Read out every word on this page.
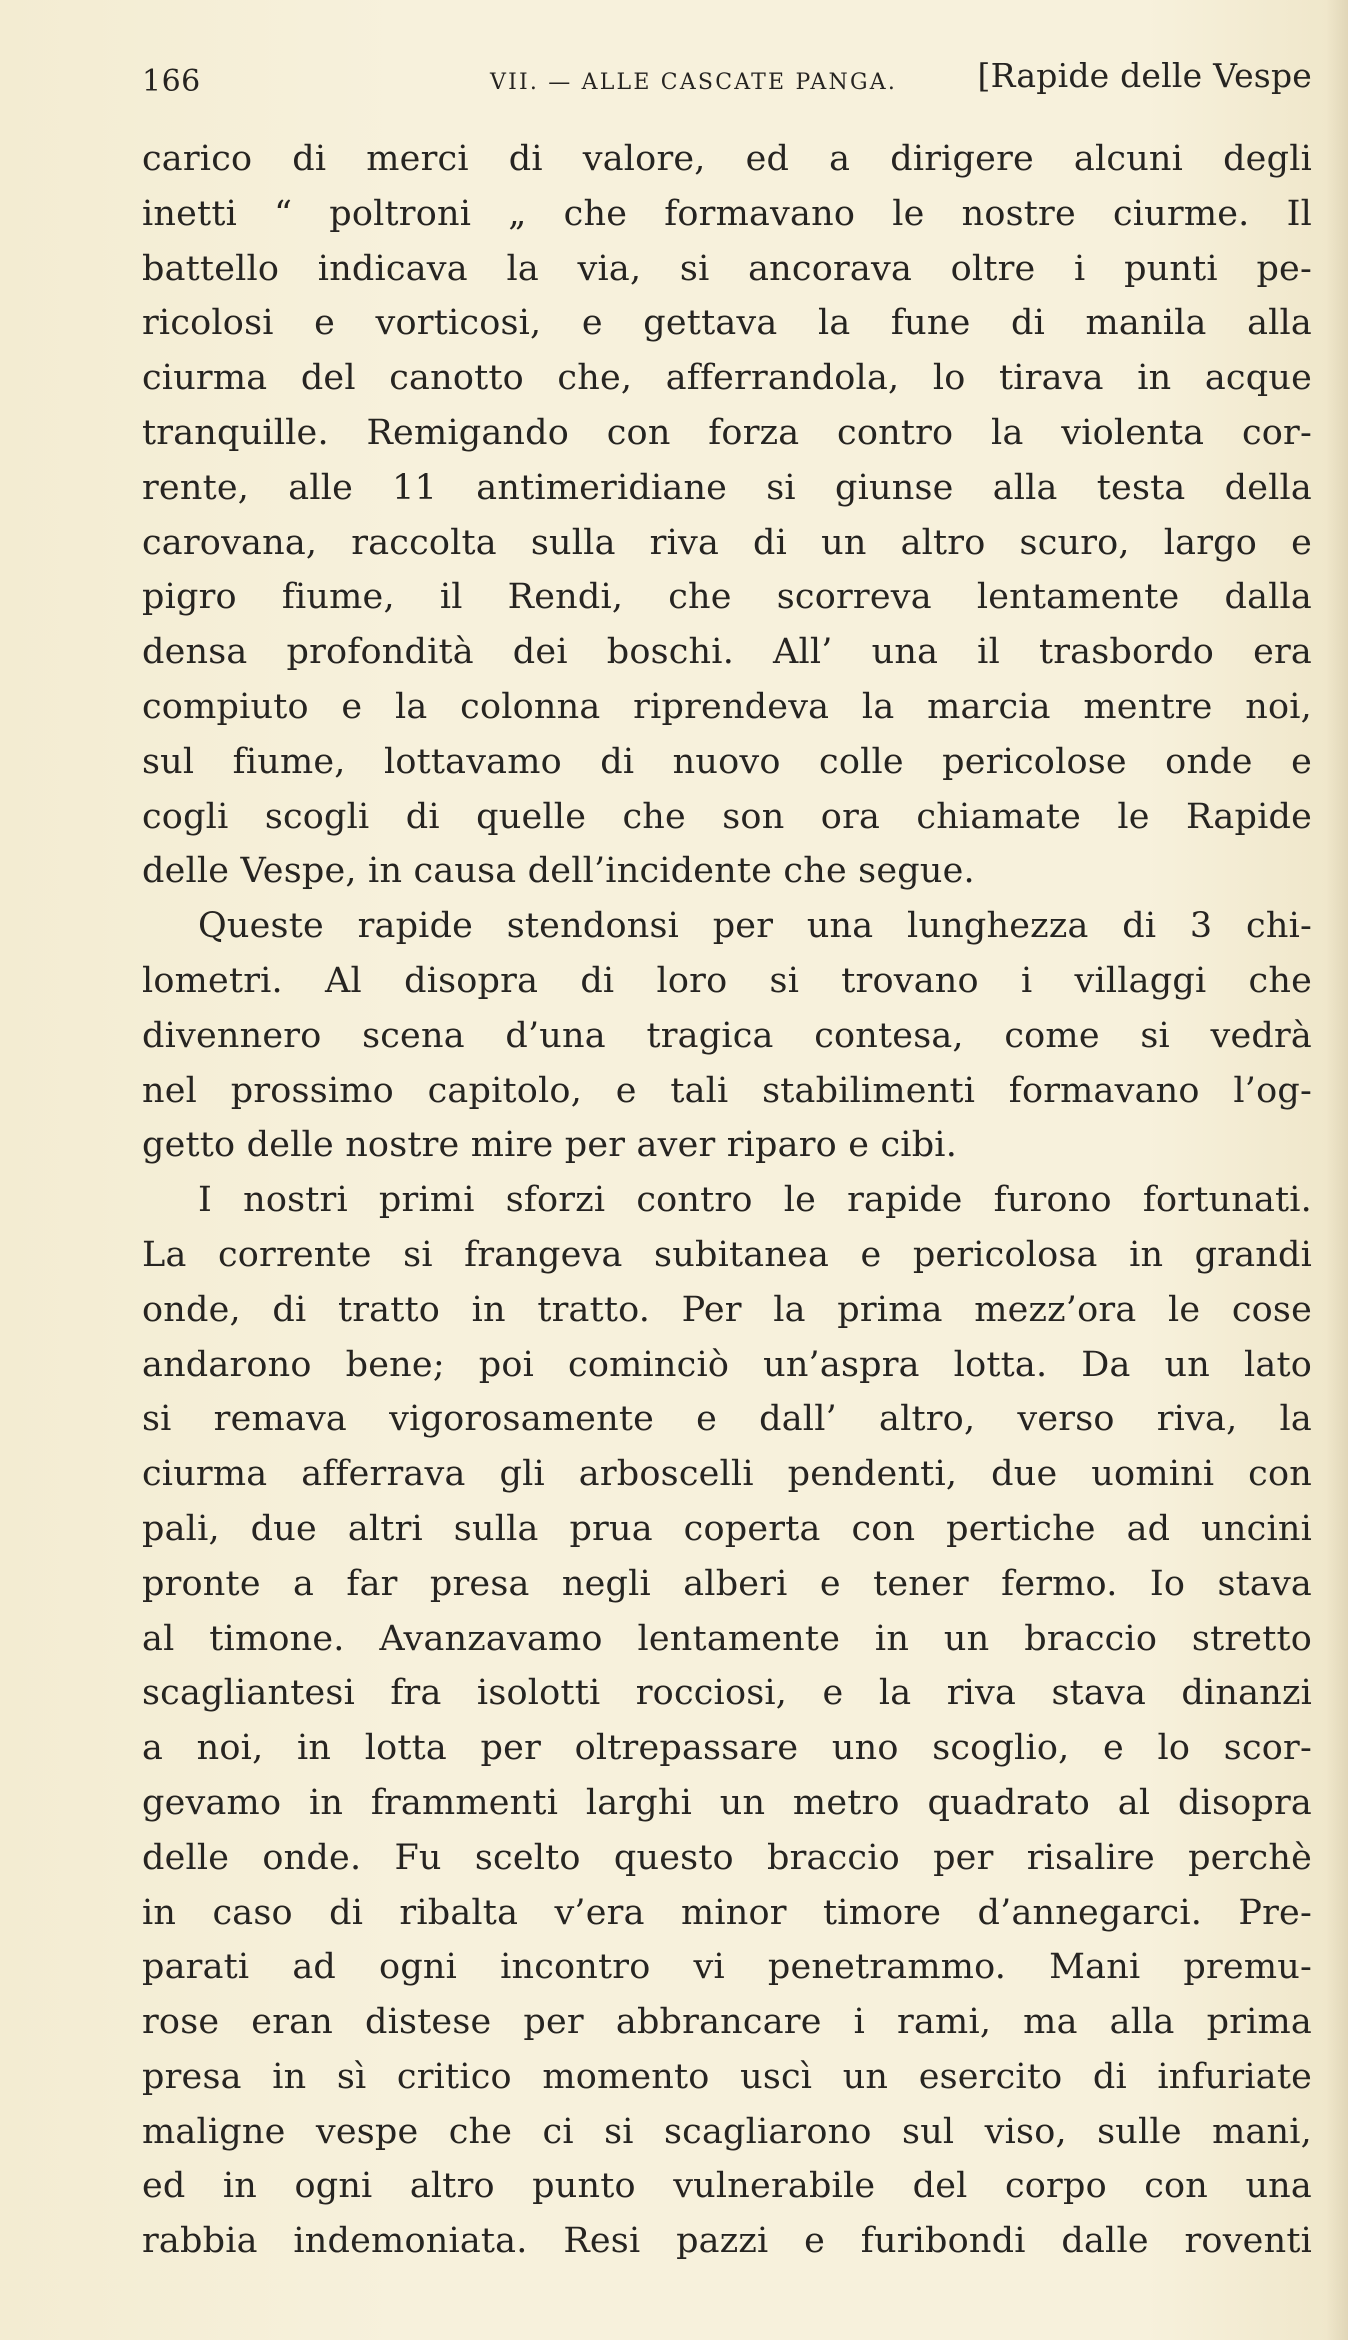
166	VII. — ALLE CASCATE PANGA. [Rapide delle Vespe
carico di merci di valore, ed a dirigere alcuni degli
inetti “ poltroni „ che formavano le nostre ciurme. Il
battello indicava la via, si ancorava oltre i punti pe-
ricolosi e vorticosi, e gettava la fune di manila alla
ciurma del canotto che, afferrandola, lo tirava in acque
tranquille. Remigando con forza contro la violenta cor-
rente, alle 11 antimeridiane si giunse alla testa della
carovana, raccolta sulla riva di un altro scuro, largo e
pigro fiume, il Rendi, che scorreva lentamente dalla
densa profondità dei boschi. All’ una il trasbordo era
compiuto e la colonna riprendeva la marcia mentre noi,
sul fiume, lottavamo di nuovo colle pericolose onde e
cogli scogli di quelle che son ora chiamate le Rapide
delle Vespe, in causa dell’incidente che segue.
Queste rapide stendonsi per una lunghezza di 3 chi-
lometri. Al disopra di loro si trovano i villaggi che
divennero scena d’una tragica contesa, come si vedrà
nel prossimo capitolo, e tali stabilimenti formavano l’og-
getto delle nostre mire per aver riparo e cibi.
I nostri primi sforzi contro le rapide furono fortunati.
La corrente si frangeva subitanea e pericolosa in grandi
onde, di tratto in tratto. Per la prima mezz’ora le cose
andarono bene; poi cominciò un’aspra lotta. Da un lato
si remava vigorosamente e dall’ altro, verso riva, la
ciurma afferrava gli arboscelli pendenti, due uomini con
pali, due altri sulla prua coperta con pertiche ad uncini
pronte a far presa negli alberi e tener fermo. Io stava
al timone. Avanzavamo lentamente in un braccio stretto
scagliantesi fra isolotti rocciosi, e la riva stava dinanzi
a noi, in lotta per oltrepassare uno scoglio, e lo scor-
gevamo in frammenti larghi un metro quadrato al disopra
delle onde. Fu scelto questo braccio per risalire perchè
in caso di ribalta v’era minor timore d’annegarci. Pre-
parati ad ogni incontro vi penetrammo. Mani premu-
rose eran distese per abbrancare i rami, ma alla prima
presa in sì critico momento uscì un esercito di infuriate
maligne vespe che ci si scagliarono sul viso, sulle mani,
ed in ogni altro punto vulnerabile del corpo con una
rabbia indemoniata. Resi pazzi e furibondi dalle roventi
